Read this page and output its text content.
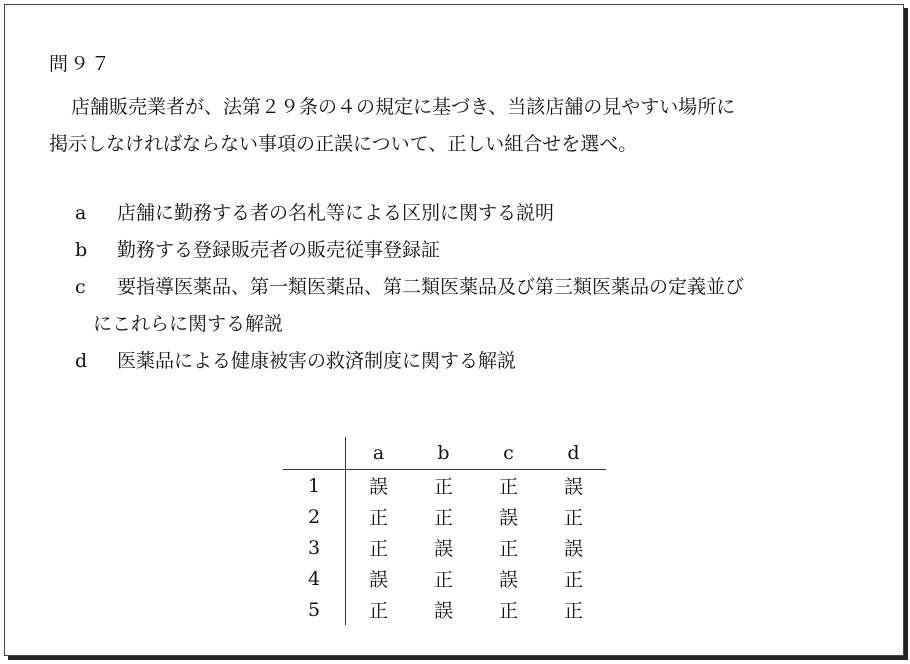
問９７

店舗販売業者が、法第２９条の４の規定に基づき、当該店舗の見やすい場所に
掲示しなければならない事項の正誤について、正しい組合せを選べ。

a	店舗に勤務する者の名札等による区別に関する説明
b	勤務する登録販売者の販売従事登録証
c	要指導医薬品、第一類医薬品、第二類医薬品及び第三類医薬品の定義並び
にこれらに関する解説
d	医薬品による健康被害の救済制度に関する解説
	a	b	c	d
1	誤	正	正	誤
2	正	正	誤	正
3	正	誤	正	誤
4	誤	正	誤	正
5	正	誤	正	正
